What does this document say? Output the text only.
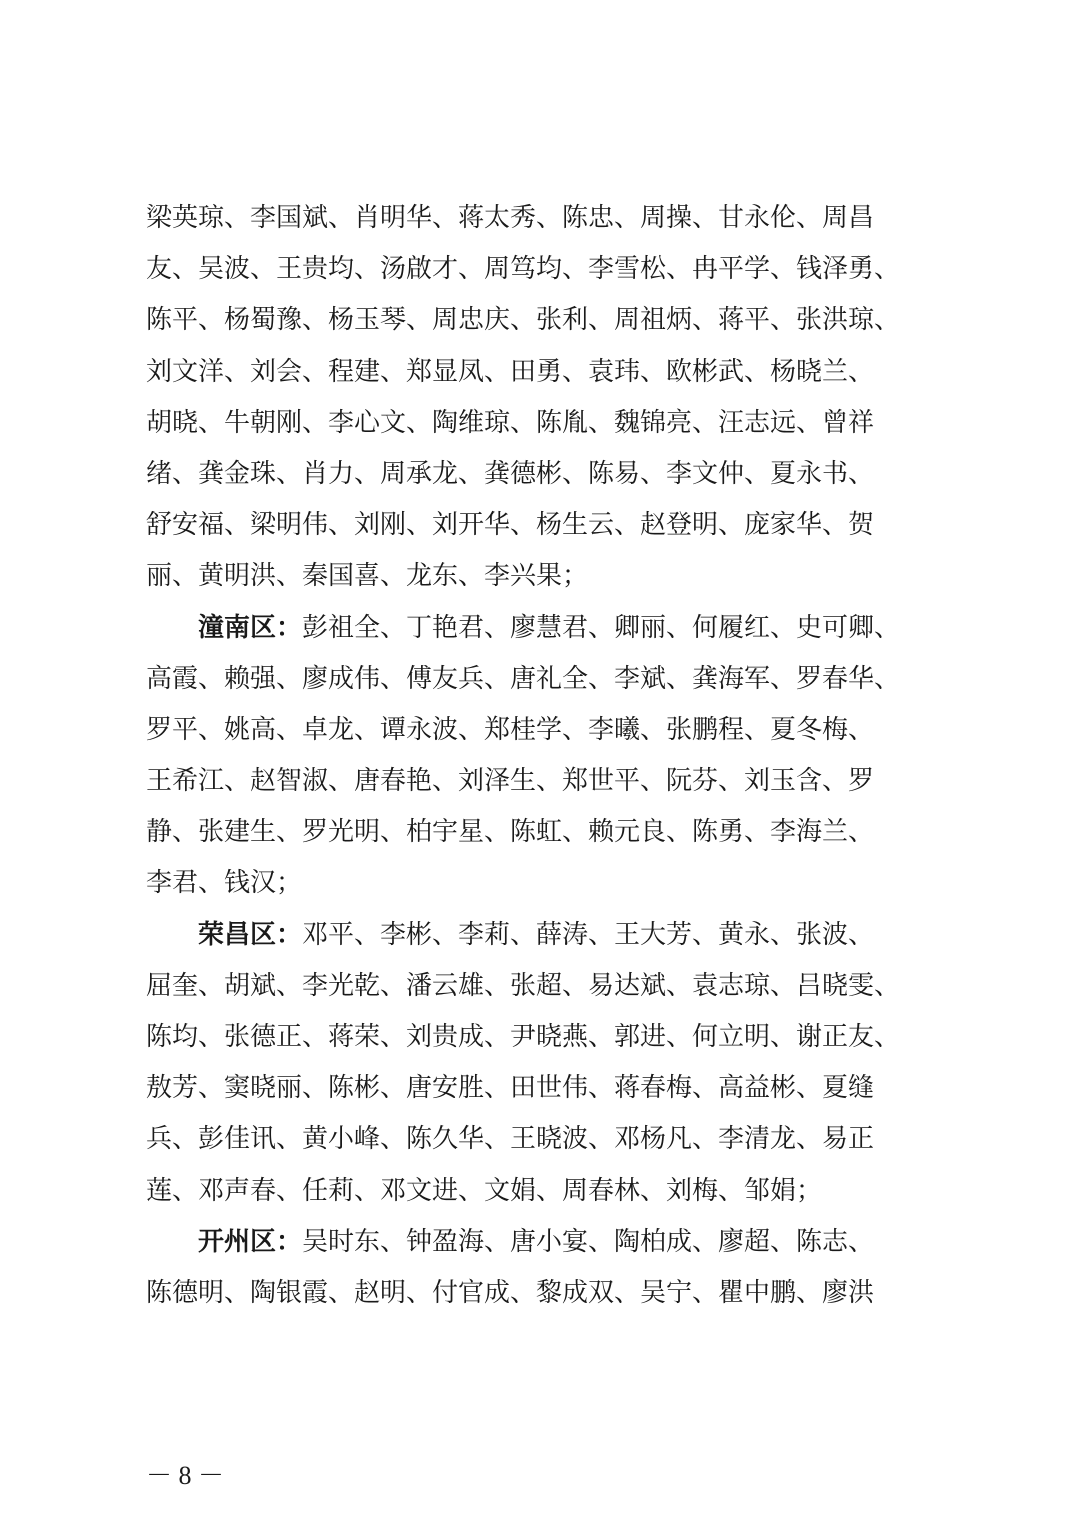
梁英琼、李国斌、肖明华、蒋太秀、陈忠、周操、甘永伦、周昌
友、吴波、王贵均、汤啟才、周笃均、李雪松、冉平学、钱泽勇、
陈平、杨蜀豫、杨玉琴、周忠庆、张利、周祖炳、蒋平、张洪琼、
刘文洋、刘会、程建、郑显凤、田勇、袁玮、欧彬武、杨晓兰、
胡晓、牛朝刚、李心文、陶维琼、陈胤、魏锦亮、汪志远、曾祥
绪、龚金珠、肖力、周承龙、龚德彬、陈易、李文仲、夏永书、
舒安福、梁明伟、刘刚、刘开华、杨生云、赵登明、庞家华、贺
丽、黄明洪、秦国喜、龙东、李兴果；
潼南区：彭祖全、丁艳君、廖慧君、卿丽、何履红、史可卿、
高霞、赖强、廖成伟、傅友兵、唐礼全、李斌、龚海军、罗春华、
罗平、姚高、卓龙、谭永波、郑桂学、李曦、张鹏程、夏冬梅、
王希江、赵智淑、唐春艳、刘泽生、郑世平、阮芬、刘玉含、罗
静、张建生、罗光明、柏宇星、陈虹、赖元良、陈勇、李海兰、
李君、钱汉；
荣昌区：邓平、李彬、李莉、薛涛、王大芳、黄永、张波、
屈奎、胡斌、李光乾、潘云雄、张超、易达斌、袁志琼、吕晓雯、
陈均、张德正、蒋荣、刘贵成、尹晓燕、郭进、何立明、谢正友、
敖芳、窦晓丽、陈彬、唐安胜、田世伟、蒋春梅、高益彬、夏缝
兵、彭佳讯、黄小峰、陈久华、王晓波、邓杨凡、李清龙、易正
莲、邓声春、任莉、邓文进、文娟、周春林、刘梅、邹娟；
开州区：吴时东、钟盈海、唐小宴、陶柏成、廖超、陈志、
陈德明、陶银霞、赵明、付官成、黎成双、吴宁、瞿中鹏、廖洪
－ 8 －
